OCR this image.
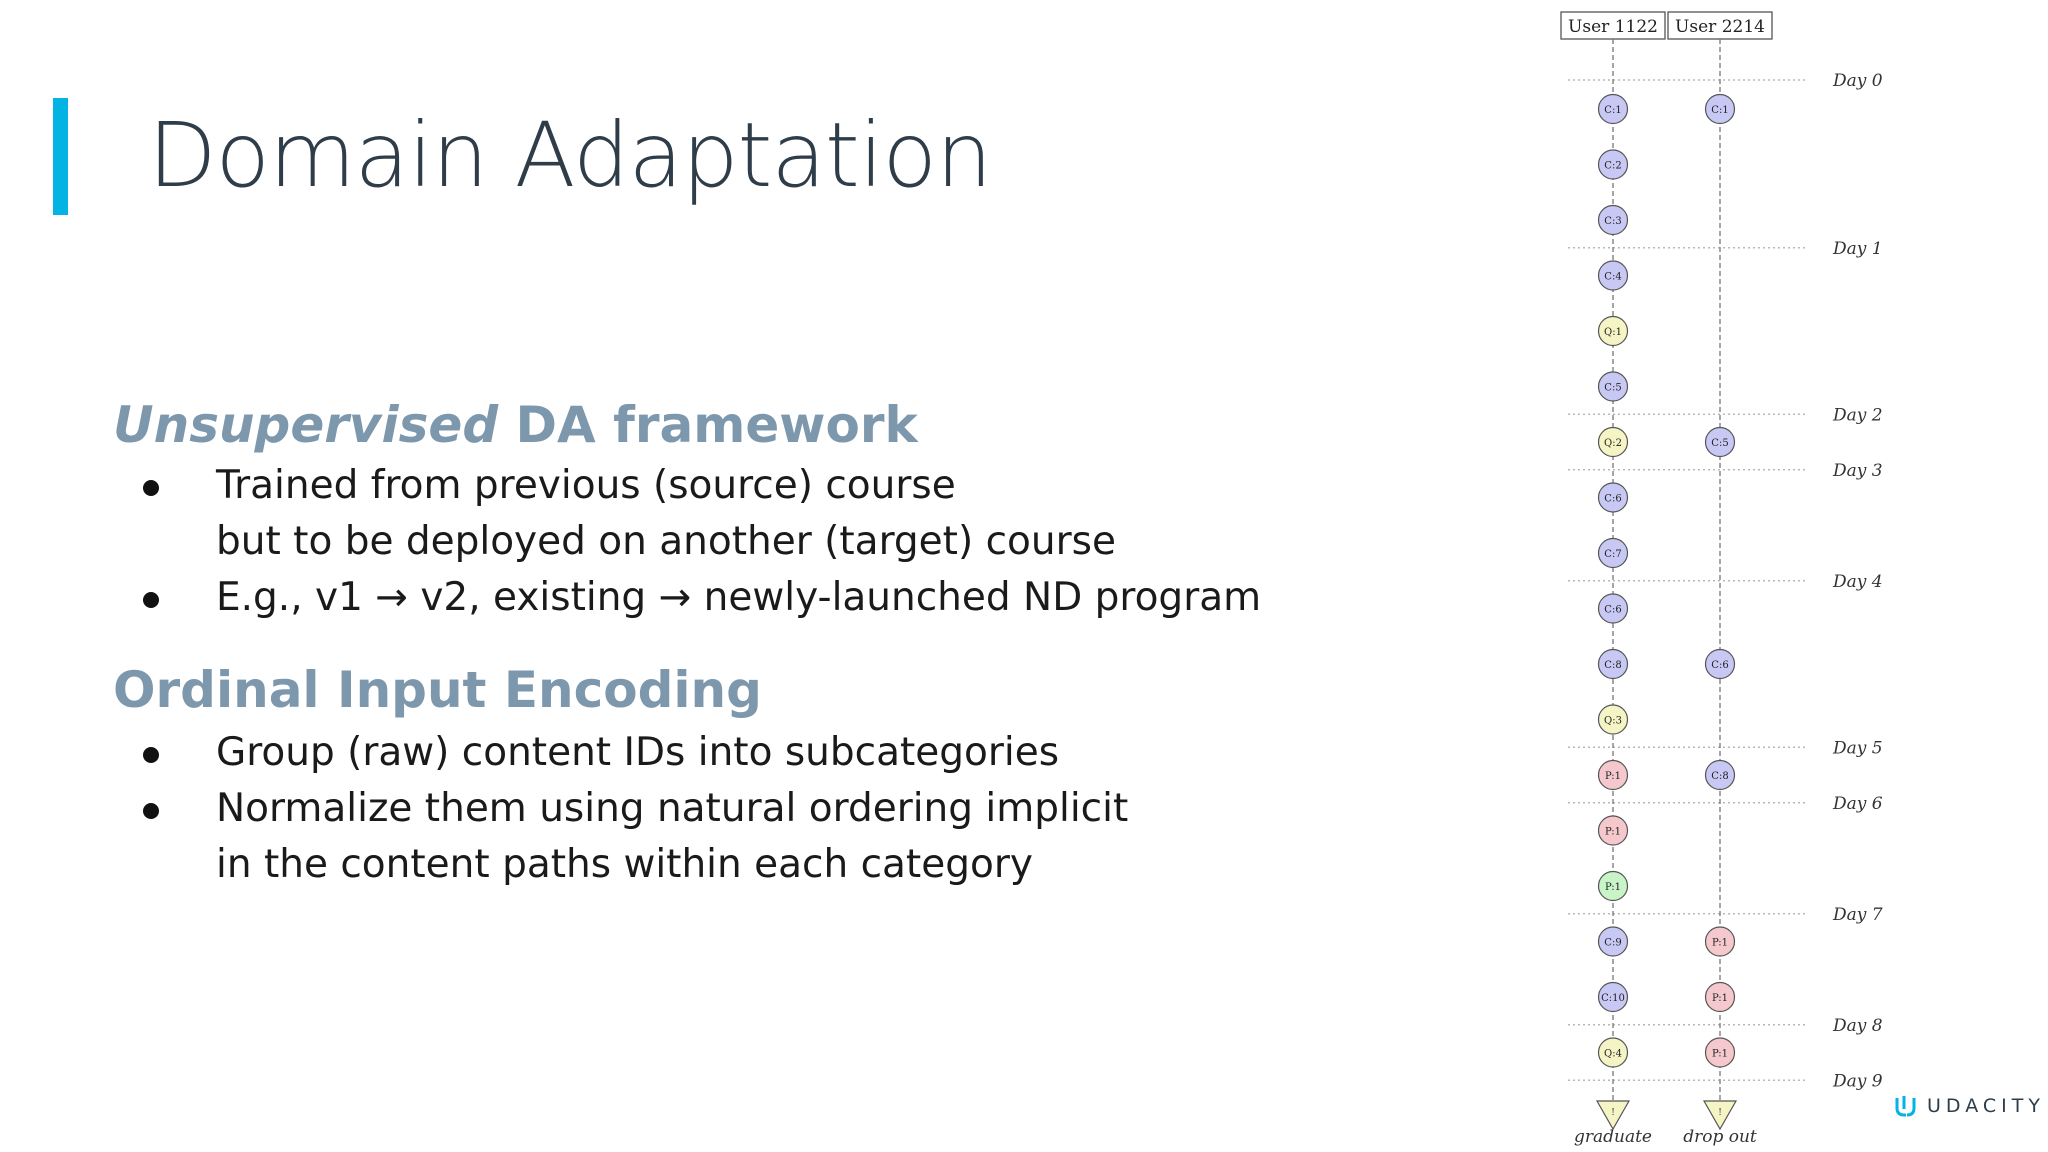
Domain Adaptation
Unsupervised DA framework
Trained from previous (source) course
but to be deployed on another (target) course
E.g., v1 → v2, existing → newly-launched ND program
Ordinal Input Encoding
Group (raw) content IDs into subcategories
Normalize them using natural ordering implicit
in the content paths within each category
Day 0
Day 1
Day 2
Day 3
Day 4
Day 5
Day 6
Day 7
Day 8
Day 9
User 1122 User 2214
C:1
C:2
C:3
C:4
Q:1
C:5
Q:2
C:6
C:7
C:6
C:8
Q:3
P:1
P:1
P:1
C:9
C:10
Q:4
C:1
C:5
C:6
C:8
P:1
P:1
P:1
!
graduate
!
drop out
UDACITY
